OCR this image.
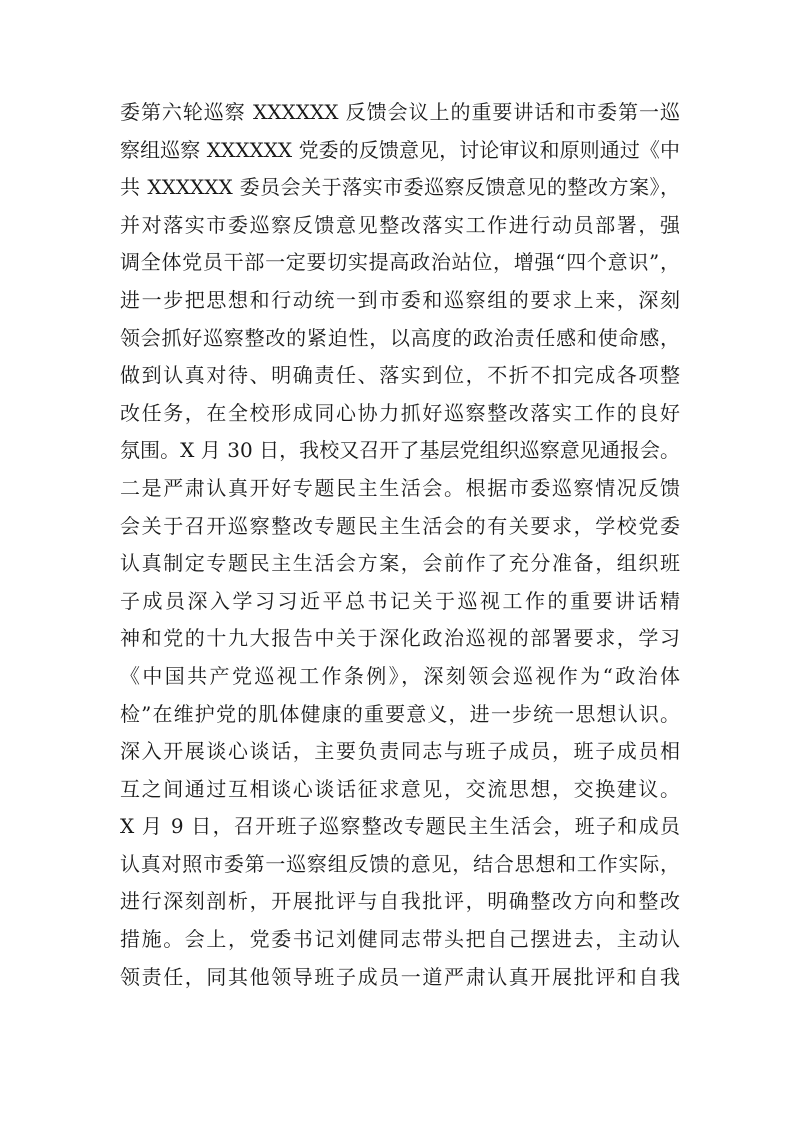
委第六轮巡察 XXXXXX 反馈会议上的重要讲话和市委第一巡
察组巡察 XXXXXX 党委的反馈意见，讨论审议和原则通过《中
共 XXXXXX 委员会关于落实市委巡察反馈意见的整改方案》，
并对落实市委巡察反馈意见整改落实工作进行动员部署，强
调全体党员干部一定要切实提高政治站位，增强“四个意识”，
进一步把思想和行动统一到市委和巡察组的要求上来，深刻
领会抓好巡察整改的紧迫性，以高度的政治责任感和使命感，
做到认真对待、明确责任、落实到位，不折不扣完成各项整
改任务，在全校形成同心协力抓好巡察整改落实工作的良好
氛围。X 月 30 日，我校又召开了基层党组织巡察意见通报会。
二是严肃认真开好专题民主生活会。根据市委巡察情况反馈
会关于召开巡察整改专题民主生活会的有关要求，学校党委
认真制定专题民主生活会方案，会前作了充分准备，组织班
子成员深入学习习近平总书记关于巡视工作的重要讲话精
神和党的十九大报告中关于深化政治巡视的部署要求，学习
《中国共产党巡视工作条例》，深刻领会巡视作为“政治体
检”在维护党的肌体健康的重要意义，进一步统一思想认识。
深入开展谈心谈话，主要负责同志与班子成员，班子成员相
互之间通过互相谈心谈话征求意见，交流思想，交换建议。
X 月 9 日，召开班子巡察整改专题民主生活会，班子和成员
认真对照市委第一巡察组反馈的意见，结合思想和工作实际，
进行深刻剖析，开展批评与自我批评，明确整改方向和整改
措施。会上，党委书记刘健同志带头把自己摆进去，主动认
领责任，同其他领导班子成员一道严肃认真开展批评和自我
